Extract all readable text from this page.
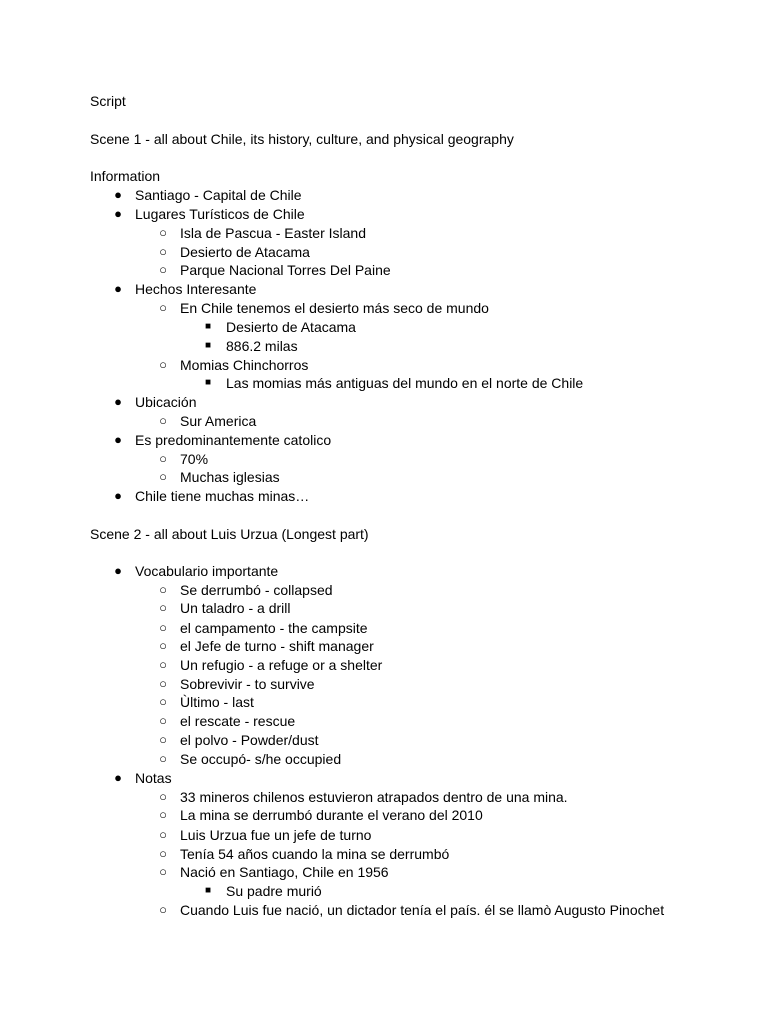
Script
Scene 1 - all about Chile, its history, culture, and physical geography
Information
● Santiago - Capital de Chile
● Lugares Turísticos de Chile
○ Isla de Pascua - Easter Island
○ Desierto de Atacama
○ Parque Nacional Torres Del Paine
● Hechos Interesante
○ En Chile tenemos el desierto más seco de mundo
■ Desierto de Atacama
■ 886.2 milas
○ Momias Chinchorros
■ Las momias más antiguas del mundo en el norte de Chile
● Ubicación
○ Sur America
● Es predominantemente catolico
○ 70%
○ Muchas iglesias
● Chile tiene muchas minas…
Scene 2 - all about Luis Urzua (Longest part)
● Vocabulario importante
○ Se derrumbó - collapsed
○ Un taladro - a drill
○ el campamento - the campsite
○ el Jefe de turno - shift manager
○ Un refugio - a refuge or a shelter
○ Sobrevivir - to survive
○ Ùltimo - last
○ el rescate - rescue
○ el polvo - Powder/dust
○ Se occupó- s/he occupied
● Notas
○ 33 mineros chilenos estuvieron atrapados dentro de una mina.
○ La mina se derrumbó durante el verano del 2010
○ Luis Urzua fue un jefe de turno
○ Tenía 54 años cuando la mina se derrumbó
○ Nació en Santiago, Chile en 1956
■ Su padre murió
○ Cuando Luis fue nació, un dictador tenía el país. él se llamò Augusto Pinochet
